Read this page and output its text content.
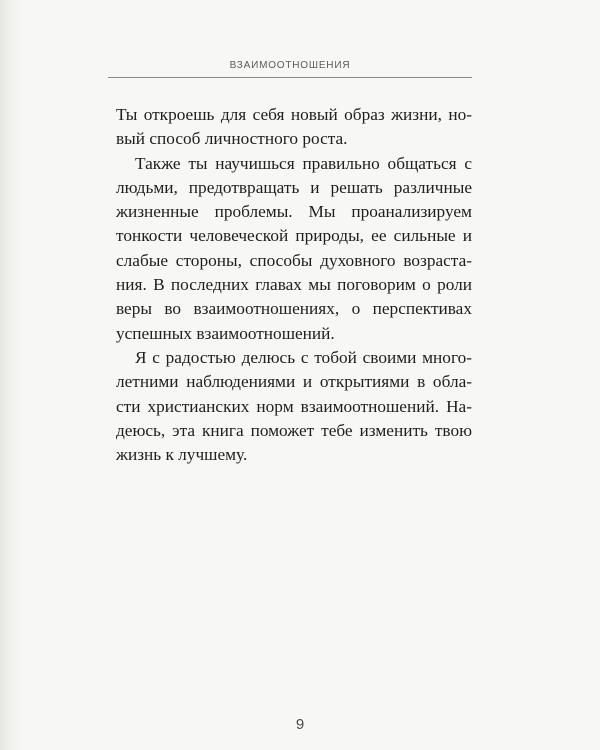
ВЗАИМООТНОШЕНИЯ
Ты откроешь для себя новый образ жизни, но-
вый способ личностного роста.
Также ты научишься правильно общаться с
людьми, предотвращать и решать различные
жизненные проблемы. Мы проанализируем
тонкости человеческой природы, ее сильные и
слабые стороны, способы духовного возраста-
ния. В последних главах мы поговорим о роли
веры во взаимоотношениях, о перспективах
успешных взаимоотношений.
Я с радостью делюсь с тобой своими много-
летними наблюдениями и открытиями в обла-
сти христианских норм взаимоотношений. На-
деюсь, эта книга поможет тебе изменить твою
жизнь к лучшему.
9
